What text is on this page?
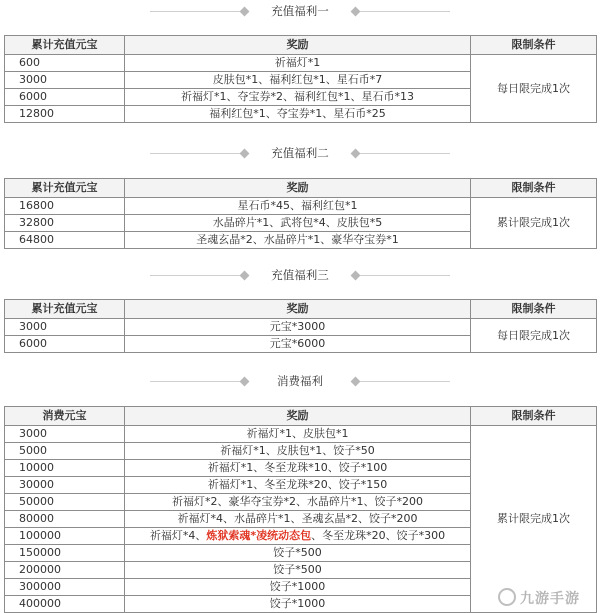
充值福利一
累计充值元宝	奖励	限制条件
600	祈福灯*1	每日限完成1次
3000	皮肤包*1、福利红包*1、星石币*7	
6000	祈福灯*1、夺宝券*2、福利红包*1、星石币*13	
12800	福利红包*1、夺宝券*1、星石币*25	
充值福利二
累计充值元宝	奖励	限制条件
16800	星石币*45、福利红包*1	累计限完成1次
32800	水晶碎片*1、武将包*4、皮肤包*5	
64800	圣魂玄晶*2、水晶碎片*1、豪华夺宝券*1	
充值福利三
累计充值元宝	奖励	限制条件
3000	元宝*3000	每日限完成1次
6000	元宝*6000	
消费福利
消费元宝	奖励	限制条件
3000	祈福灯*1、皮肤包*1	累计限完成1次
5000	祈福灯*1、皮肤包*1、饺子*50	
10000	祈福灯*1、冬至龙珠*10、饺子*100	
30000	祈福灯*1、冬至龙珠*20、饺子*150	
50000	祈福灯*2、豪华夺宝券*2、水晶碎片*1、饺子*200	
80000	祈福灯*4、水晶碎片*1、圣魂玄晶*2、饺子*200	
100000	祈福灯*4、炼狱索魂*凌统动态包、冬至龙珠*20、饺子*300	
150000	饺子*500	
200000	饺子*500	
300000	饺子*1000	
400000	饺子*1000		九游手游
